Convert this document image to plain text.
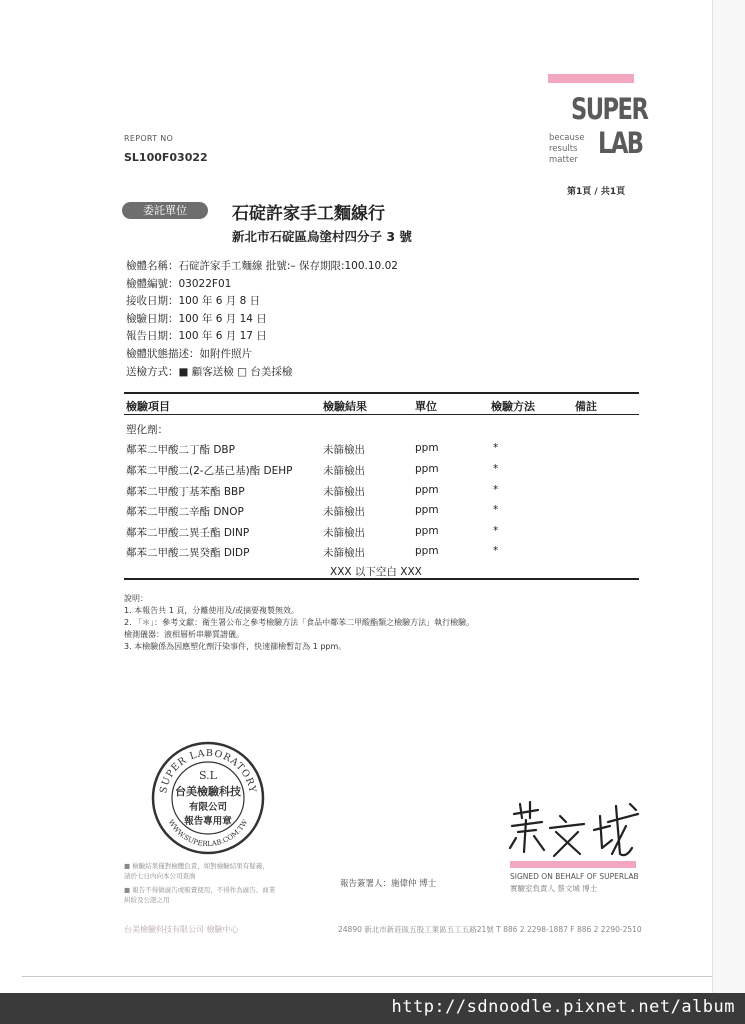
SUPER
LAB
because
results
matter
REPORT NO
SL100F03022
第1頁 / 共1頁
委託單位	石碇許家手工麵線行
新北市石碇區烏塗村四分子 3 號
檢體名稱：石碇許家手工麵線 批號:– 保存期限:100.10.02
檢體編號：03022F01
接收日期：100 年 6 月 8 日
檢驗日期：100 年 6 月 14 日
報告日期：100 年 6 月 17 日
檢體狀態描述：如附件照片
送檢方式：■ 顧客送檢 □ 台美採檢
檢驗項目	檢驗結果	單位	檢驗方法	備註
塑化劑：
鄰苯二甲酸二丁酯 DBP	未篩檢出	ppm	*
鄰苯二甲酸二(2-乙基己基)酯 DEHP	未篩檢出	ppm	*
鄰苯二甲酸丁基苯酯 BBP	未篩檢出	ppm	*
鄰苯二甲酸二辛酯 DNOP	未篩檢出	ppm	*
鄰苯二甲酸二異壬酯 DINP	未篩檢出	ppm	*
鄰苯二甲酸二異癸酯 DIDP	未篩檢出	ppm	*
XXX 以下空白 XXX
說明：
1. 本報告共 1 頁，分離使用及/或摘要複製無效。
2. 「＊」：參考文獻：衛生署公布之參考檢驗方法「食品中鄰苯二甲酸酯類之檢驗方法」執行檢驗。
檢測儀器：液相層析串聯質譜儀。
3. 本檢驗係為因應塑化劑汙染事件，快速篩檢暫訂為 1 ppm。
SUPER LABORATORY
WWW.SUPERLAB.COM.TW
S.L
台美檢驗科技
有限公司
報告專用章
SIGNED ON BEHALF OF SUPERLAB
實驗室負責人 蔡文城 博士
報告簽署人：施偉仲 博士
■ 檢驗結果僅對檢體負責，如對檢驗結果有疑義，
請於七日內向本公司查詢
■ 報告不得做廣告或販賣使用，不得作為廣告、商業
糾紛及公證之用
台美檢驗科技有限公司 檢驗中心	24890 新北市新莊區五股工業區五工五路21號 T 886 2 2298-1887 F 886 2 2290-2510
http://sdnoodle.pixnet.net/album
